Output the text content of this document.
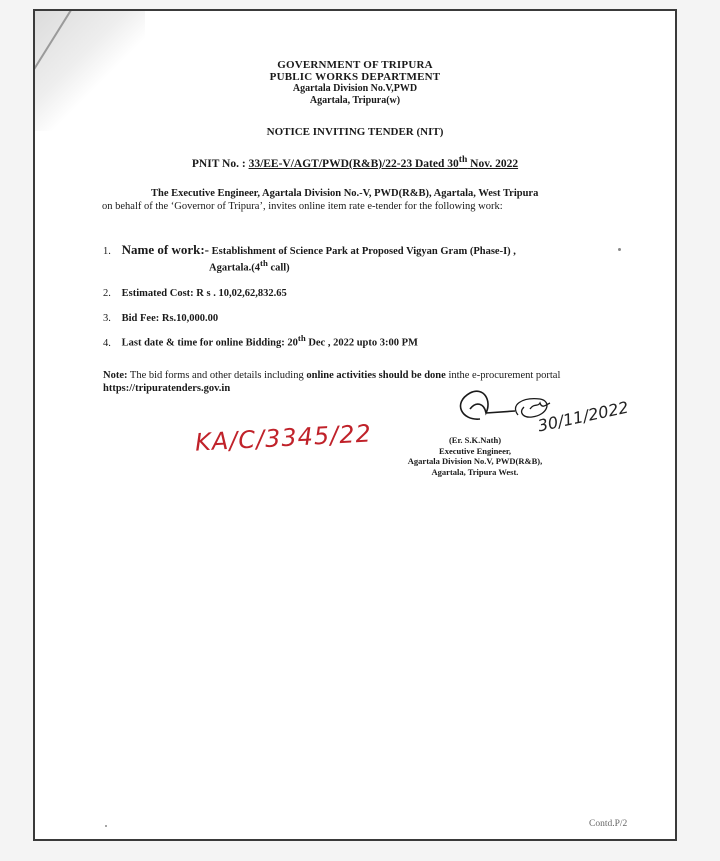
GOVERNMENT OF TRIPURA
PUBLIC WORKS DEPARTMENT
Agartala Division No.V,PWD
Agartala, Tripura(w)
NOTICE INVITING TENDER (NIT)
PNIT No. : 33/EE-V/AGT/PWD(R&B)/22-23 Dated 30th Nov. 2022
The Executive Engineer, Agartala Division No.-V, PWD(R&B), Agartala, West Tripura
on behalf of the ‘Governor of Tripura’, invites online item rate e-tender for the following work:
1. Name of work:- Establishment of Science Park at Proposed Vigyan Gram (Phase-I) ,
Agartala.(4th call)
2. Estimated Cost: R s . 10,02,62,832.65
3. Bid Fee: Rs.10,000.00
4. Last date & time for online Bidding: 20th Dec , 2022 upto 3:00 PM
Note: The bid forms and other details including online activities should be done inthe e-procurement portal https://tripuratenders.gov.in
KA/C/3345/22
30/11/2022
(Er. S.K.Nath)
Executive Engineer,
Agartala Division No.V, PWD(R&B),
Agartala, Tripura West.
Contd.P/2
